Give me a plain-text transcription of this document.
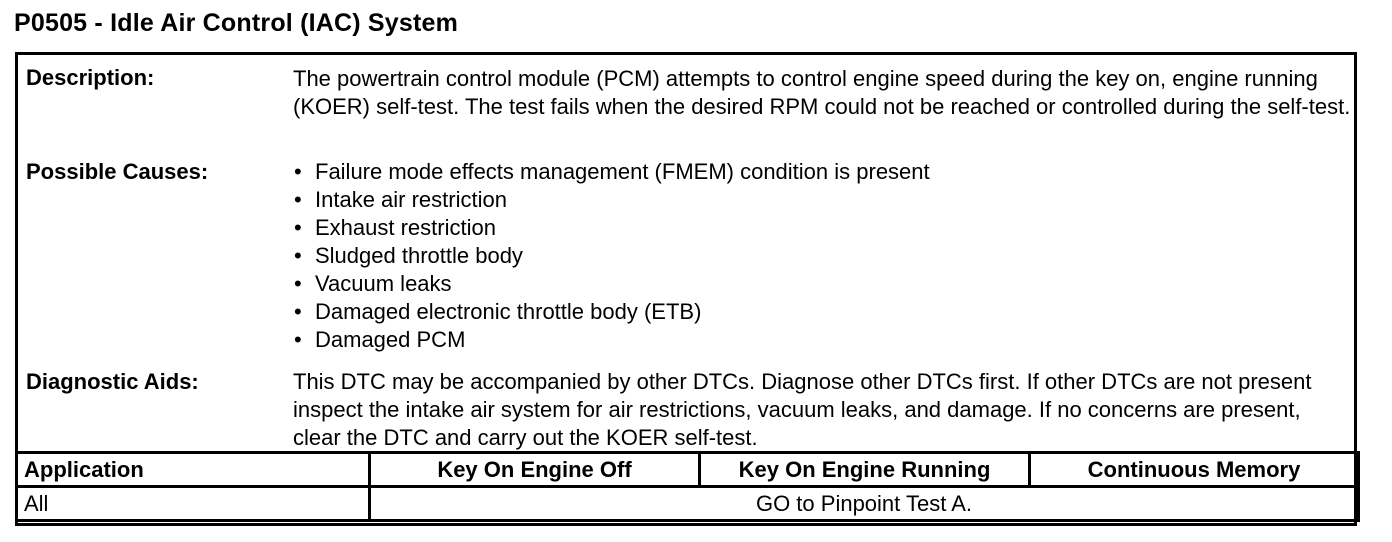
P0505 - Idle Air Control (IAC) System
Description:	The powertrain control module (PCM) attempts to control engine speed during the key on, engine running (KOER) self-test. The test fails when the desired RPM could not be reached or controlled during the self-test.

Possible Causes:	• Failure mode effects management (FMEM) condition is present
• Intake air restriction
• Exhaust restriction
• Sludged throttle body
• Vacuum leaks
• Damaged electronic throttle body (ETB)
• Damaged PCM
Diagnostic Aids:	This DTC may be accompanied by other DTCs. Diagnose other DTCs first. If other DTCs are not present inspect the intake air system for air restrictions, vacuum leaks, and damage. If no concerns are present, clear the DTC and carry out the KOER self-test.

Application	Key On Engine Off	Key On Engine Running	Continuous Memory
All	GO to Pinpoint Test A.		
